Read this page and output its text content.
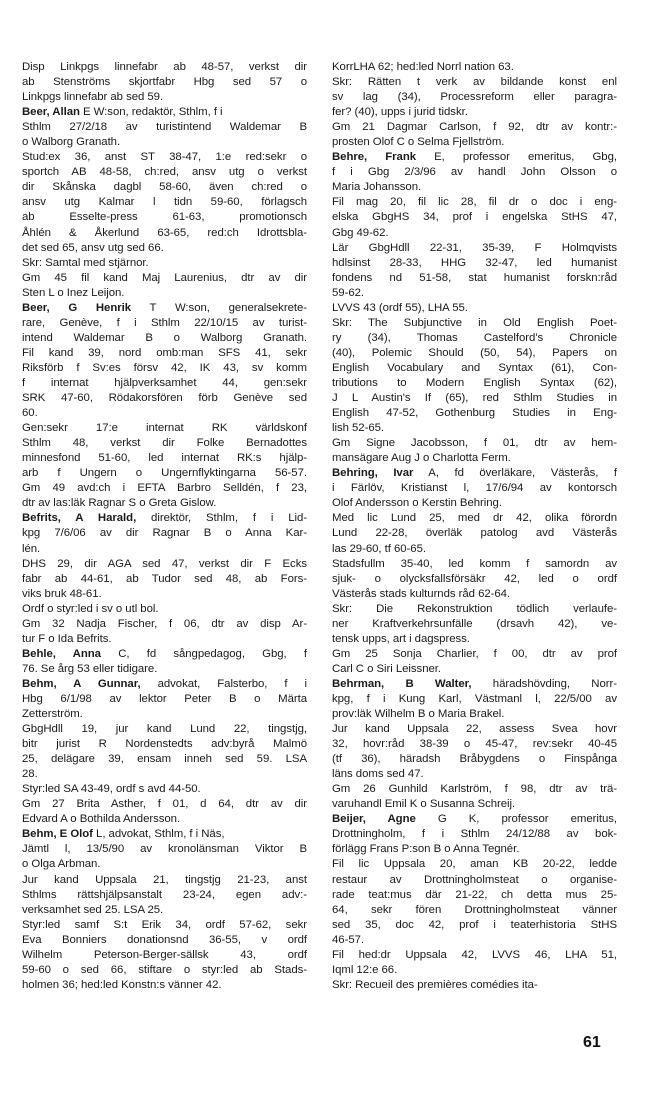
Disp Linkpgs linnefabr ab 48-57, verkst dir
ab Stenströms skjortfabr Hbg sed 57 o
Linkpgs linnefabr ab sed 59.
Beer, Allan E W:son, redaktör, Sthlm, f i
Sthlm 27/2/18 av turistintend Waldemar B
o Walborg Granath.
Stud:ex 36, anst ST 38-47, 1:e red:sekr o
sportch AB 48-58, ch:red, ansv utg o verkst
dir Skånska dagbl 58-60, även ch:red o
ansv utg Kalmar l tidn 59-60, förlagsch
ab Esselte-press 61-63, promotionsch
Åhlén & Åkerlund 63-65, red:ch Idrottsbla-
det sed 65, ansv utg sed 66.
Skr: Samtal med stjärnor.
Gm 45 fil kand Maj Laurenius, dtr av dir
Sten L o Inez Leijon.
Beer, G Henrik T W:son, generalsekrete-
rare, Genève, f i Sthlm 22/10/15 av turist-
intend Waldemar B o Walborg Granath.
Fil kand 39, nord omb:man SFS 41, sekr
Riksförb f Sv:es försv 42, IK 43, sv komm
f internat hjälpverksamhet 44, gen:sekr
SRK 47-60, Rödakorsfören förb Genève sed
60.
Gen:sekr 17:e internat RK världskonf
Sthlm 48, verkst dir Folke Bernadottes
minnesfond 51-60, led internat RK:s hjälp-
arb f Ungern o Ungernflyktingarna 56-57.
Gm 49 avd:ch i EFTA Barbro Selldén, f 23,
dtr av las:läk Ragnar S o Greta Gislow.
Befrits, A Harald, direktör, Sthlm, f i Lid-
kpg 7/6/06 av dir Ragnar B o Anna Kar-
lén.
DHS 29, dir AGA sed 47, verkst dir F Ecks
fabr ab 44-61, ab Tudor sed 48, ab Fors-
viks bruk 48-61.
Ordf o styr:led i sv o utl bol.
Gm 32 Nadja Fischer, f 06, dtr av disp Ar-
tur F o Ida Befrits.
Behle, Anna C, fd sångpedagog, Gbg, f
76. Se årg 53 eller tidigare.
Behm, A Gunnar, advokat, Falsterbo, f i
Hbg 6/1/98 av lektor Peter B o Märta
Zetterström.
GbgHdll 19, jur kand Lund 22, tingstjg,
bitr jurist R Nordenstedts adv:byrå Malmö
25, delägare 39, ensam inneh sed 59. LSA
28.
Styr:led SA 43-49, ordf s avd 44-50.
Gm 27 Brita Asther, f 01, d 64, dtr av dir
Edvard A o Bothilda Andersson.
Behm, E Olof L, advokat, Sthlm, f i Näs,
Jämtl l, 13/5/90 av kronolänsman Viktor B
o Olga Arbman.
Jur kand Uppsala 21, tingstjg 21-23, anst
Sthlms rättshjälpsanstalt 23-24, egen adv:-
verksamhet sed 25. LSA 25.
Styr:led samf S:t Erik 34, ordf 57-62, sekr
Eva Bonniers donationsnd 36-55, v ordf
Wilhelm Peterson-Berger-sällsk 43, ordf
59-60 o sed 66, stiftare o styr:led ab Stads-
holmen 36; hed:led Konstn:s vänner 42.
KorrLHA 62; hed:led Norrl nation 63.
Skr: Rätten t verk av bildande konst enl
sv lag (34), Processreform eller paragra-
fer? (40), upps i jurid tidskr.
Gm 21 Dagmar Carlson, f 92, dtr av kontr:-
prosten Olof C o Selma Fjellström.
Behre, Frank E, professor emeritus, Gbg,
f i Gbg 2/3/96 av handl John Olsson o
Maria Johansson.
Fil mag 20, fil lic 28, fil dr o doc i eng-
elska GbgHS 34, prof i engelska StHS 47,
Gbg 49-62.
Lär GbgHdll 22-31, 35-39, F Holmqvists
hdlsinst 28-33, HHG 32-47, led humanist
fondens nd 51-58, stat humanist forskn:råd
59-62.
LVVS 43 (ordf 55), LHA 55.
Skr: The Subjunctive in Old English Poet-
ry (34), Thomas Castelford's Chronicle
(40), Polemic Should (50, 54), Papers on
English Vocabulary and Syntax (61), Con-
tributions to Modern English Syntax (62),
J L Austin's If (65), red Sthlm Studies in
English 47-52, Gothenburg Studies in Eng-
lish 52-65.
Gm Signe Jacobsson, f 01, dtr av hem-
mansägare Aug J o Charlotta Ferm.
Behring, Ivar A, fd överläkare, Västerås, f
i Färlöv, Kristianst l, 17/6/94 av kontorsch
Olof Andersson o Kerstin Behring.
Med lic Lund 25, med dr 42, olika förordn
Lund 22-28, överläk patolog avd Västerås
las 29-60, tf 60-65.
Stadsfullm 35-40, led komm f samordn av
sjuk- o olycksfallsförsäkr 42, led o ordf
Västerås stads kulturnds råd 62-64.
Skr: Die Rekonstruktion tödlich verlaufe-
ner Kraftverkehrsunfälle (drsavh 42), ve-
tensk upps, art i dagspress.
Gm 25 Sonja Charlier, f 00, dtr av prof
Carl C o Siri Leissner.
Behrman, B Walter, häradshövding, Norr-
kpg, f i Kung Karl, Västmanl l, 22/5/00 av
prov:läk Wilhelm B o Maria Brakel.
Jur kand Uppsala 22, assess Svea hovr
32, hovr:råd 38-39 o 45-47, rev:sekr 40-45
(tf 36), häradsh Bråbygdens o Finspånga
läns doms sed 47.
Gm 26 Gunhild Karlström, f 98, dtr av trä-
varuhandl Emil K o Susanna Schreij.
Beijer, Agne G K, professor emeritus,
Drottningholm, f i Sthlm 24/12/88 av bok-
förlägg Frans P:son B o Anna Tegnér.
Fil lic Uppsala 20, aman KB 20-22, ledde
restaur av Drottningholmsteat o organise-
rade teat:mus där 21-22, ch detta mus 25-
64, sekr fören Drottningholmsteat vänner
sed 35, doc 42, prof i teaterhistoria StHS
46-57.
Fil hed:dr Uppsala 42, LVVS 46, LHA 51,
Iqml 12:e 66.
Skr: Recueil des premières comédies ita-
61
